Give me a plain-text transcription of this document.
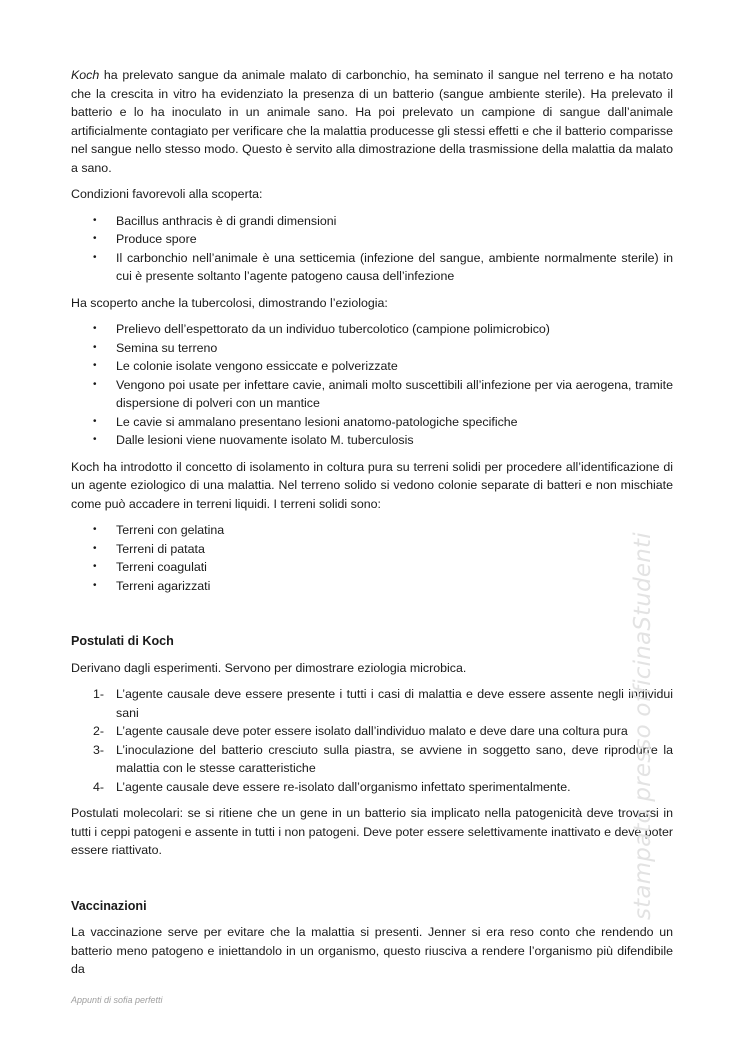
Koch ha prelevato sangue da animale malato di carbonchio, ha seminato il sangue nel terreno e ha notato che la crescita in vitro ha evidenziato la presenza di un batterio (sangue ambiente sterile). Ha prelevato il batterio e lo ha inoculato in un animale sano. Ha poi prelevato un campione di sangue dall’animale artificialmente contagiato per verificare che la malattia producesse gli stessi effetti e che il batterio comparisse nel sangue nello stesso modo. Questo è servito alla dimostrazione della trasmissione della malattia da malato a sano.

Condizioni favorevoli alla scoperta:

• Bacillus anthracis è di grandi dimensioni
• Produce spore
• Il carbonchio nell’animale è una setticemia (infezione del sangue, ambiente normalmente sterile) in cui è presente soltanto l’agente patogeno causa dell’infezione

Ha scoperto anche la tubercolosi, dimostrando l’eziologia:

• Prelievo dell’espettorato da un individuo tubercolotico (campione polimicrobico)
• Semina su terreno
• Le colonie isolate vengono essiccate e polverizzate
• Vengono poi usate per infettare cavie, animali molto suscettibili all’infezione per via aerogena, tramite dispersione di polveri con un mantice
• Le cavie si ammalano presentano lesioni anatomo-patologiche specifiche
• Dalle lesioni viene nuovamente isolato M. tuberculosis

Koch ha introdotto il concetto di isolamento in coltura pura su terreni solidi per procedere all’identificazione di un agente eziologico di una malattia. Nel terreno solido si vedono colonie separate di batteri e non mischiate come può accadere in terreni liquidi. I terreni solidi sono:

• Terreni con gelatina
• Terreni di patata
• Terreni coagulati
• Terreni agarizzati
Postulati di Koch

Derivano dagli esperimenti. Servono per dimostrare eziologia microbica.

1- L’agente causale deve essere presente i tutti i casi di malattia e deve essere assente negli individui sani
2- L’agente causale deve poter essere isolato dall’individuo malato e deve dare una coltura pura
3- L’inoculazione del batterio cresciuto sulla piastra, se avviene in soggetto sano, deve riprodurre la malattia con le stesse caratteristiche
4- L’agente causale deve essere re-isolato dall’organismo infettato sperimentalmente.

Postulati molecolari: se si ritiene che un gene in un batterio sia implicato nella patogenicità deve trovarsi in tutti i ceppi patogeni e assente in tutti i non patogeni. Deve poter essere selettivamente inattivato e deve poter essere riattivato.

Vaccinazioni

La vaccinazione serve per evitare che la malattia si presenti. Jenner si era reso conto che rendendo un batterio meno patogeno e iniettandolo in un organismo, questo riusciva a rendere l’organismo più difendibile da

stampato presso officinaStudenti
Appunti di sofia perfetti
